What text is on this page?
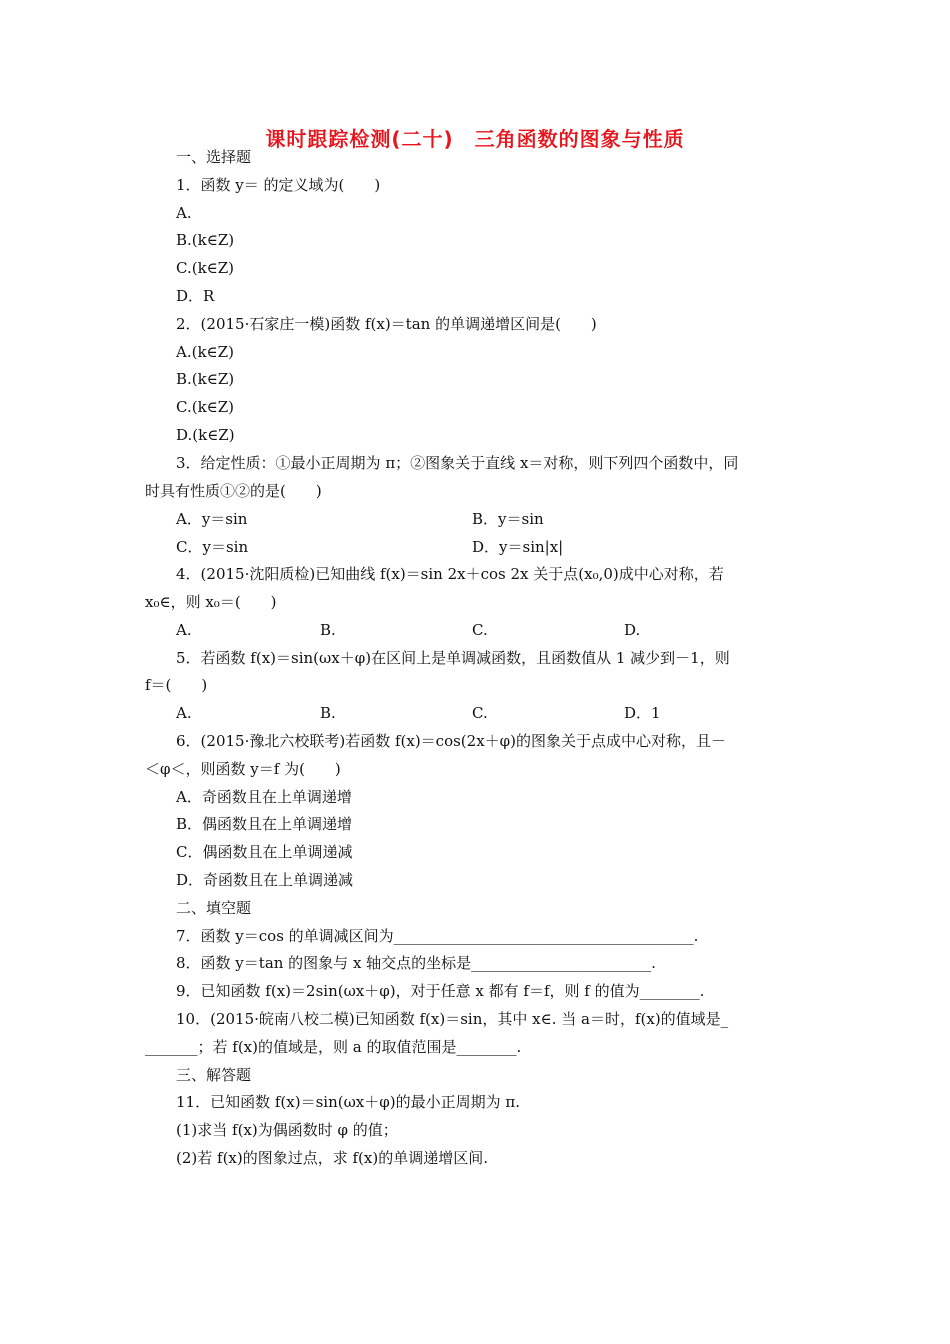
课时跟踪检测(二十)　三角函数的图象与性质
一、选择题
1．函数 y＝ 的定义域为(　　)
A.
B.(k∈Z)
C.(k∈Z)
D．R
2．(2015·石家庄一模)函数 f(x)＝tan 的单调递增区间是(　　)
A.(k∈Z)
B.(k∈Z)
C.(k∈Z)
D.(k∈Z)
3．给定性质：①最小正周期为 π；②图象关于直线 x＝对称，则下列四个函数中，同
时具有性质①②的是(　　)
A．y＝sin	B．y＝sin
C．y＝sin	D．y＝sin|x|
4．(2015·沈阳质检)已知曲线 f(x)＝sin 2x＋cos 2x 关于点(x₀,0)成中心对称，若
x₀∈，则 x₀＝(　　)
A.	B.	C.	D.
5．若函数 f(x)＝sin(ωx＋φ)在区间上是单调减函数，且函数值从 1 减少到－1，则
f＝(　　)
A.	B.	C.	D．1
6．(2015·豫北六校联考)若函数 f(x)＝cos(2x＋φ)的图象关于点成中心对称，且－
＜φ＜，则函数 y＝f 为(　　)
A．奇函数且在上单调递增
B．偶函数且在上单调递增
C．偶函数且在上单调递减
D．奇函数且在上单调递减
二、填空题
7．函数 y＝cos 的单调减区间为________________________________________.
8．函数 y＝tan 的图象与 x 轴交点的坐标是________________________.
9．已知函数 f(x)＝2sin(ωx＋φ)，对于任意 x 都有 f＝f，则 f 的值为________.
10．(2015·皖南八校二模)已知函数 f(x)＝sin，其中 x∈. 当 a＝时，f(x)的值域是_
_______；若 f(x)的值域是，则 a 的取值范围是________.
三、解答题
11．已知函数 f(x)＝sin(ωx＋φ)的最小正周期为 π.
(1)求当 f(x)为偶函数时 φ 的值；
(2)若 f(x)的图象过点，求 f(x)的单调递增区间.
